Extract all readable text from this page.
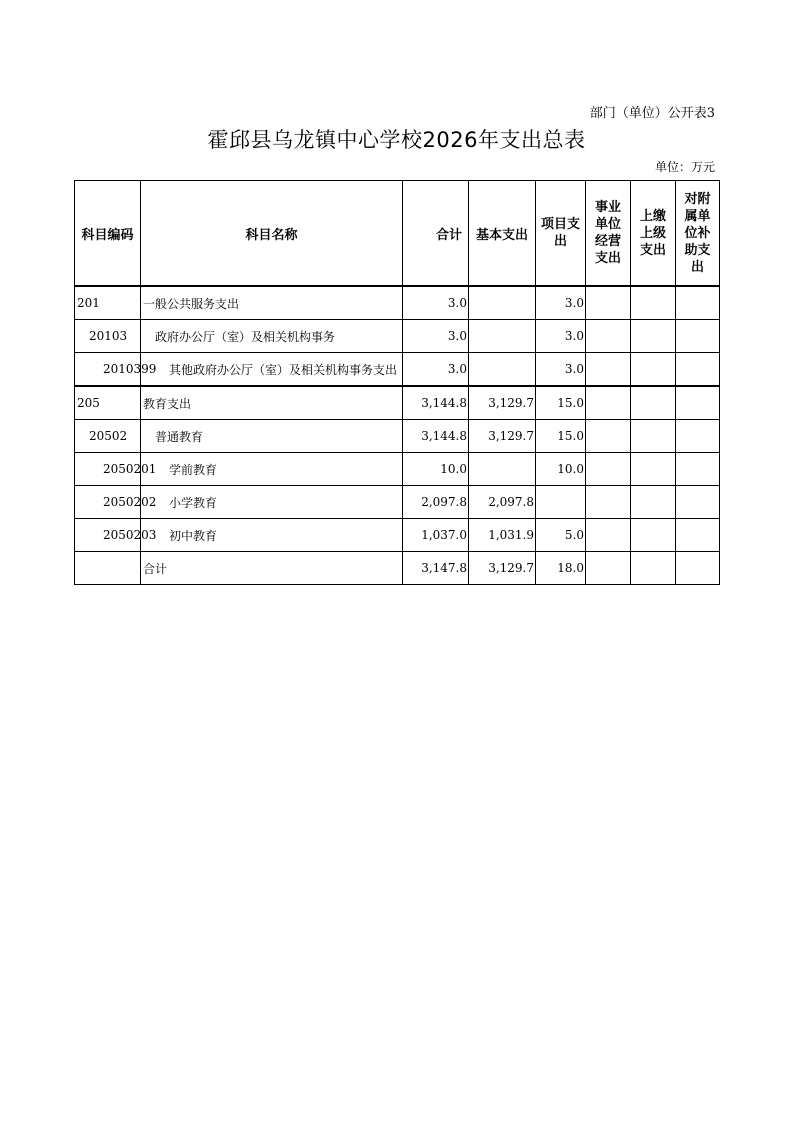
部门（单位）公开表3
霍邱县乌龙镇中心学校2026年支出总表
单位：万元
科目编码	科目名称	合计	基本支出	项目支出	事业单位经营支出	上缴上级支出	对附属单位补助支出
201	一般公共服务支出	3.0		3.0			
20103	政府办公厅（室）及相关机构事务	3.0		3.0			
2010399	其他政府办公厅（室）及相关机构事务支出	3.0		3.0			
205	教育支出	3,144.8	3,129.7	15.0			
20502	普通教育	3,144.8	3,129.7	15.0			
2050201	学前教育	10.0		10.0			
2050202	小学教育	2,097.8	2,097.8				
2050203	初中教育	1,037.0	1,031.9	5.0			
	合计	3,147.8	3,129.7	18.0			
